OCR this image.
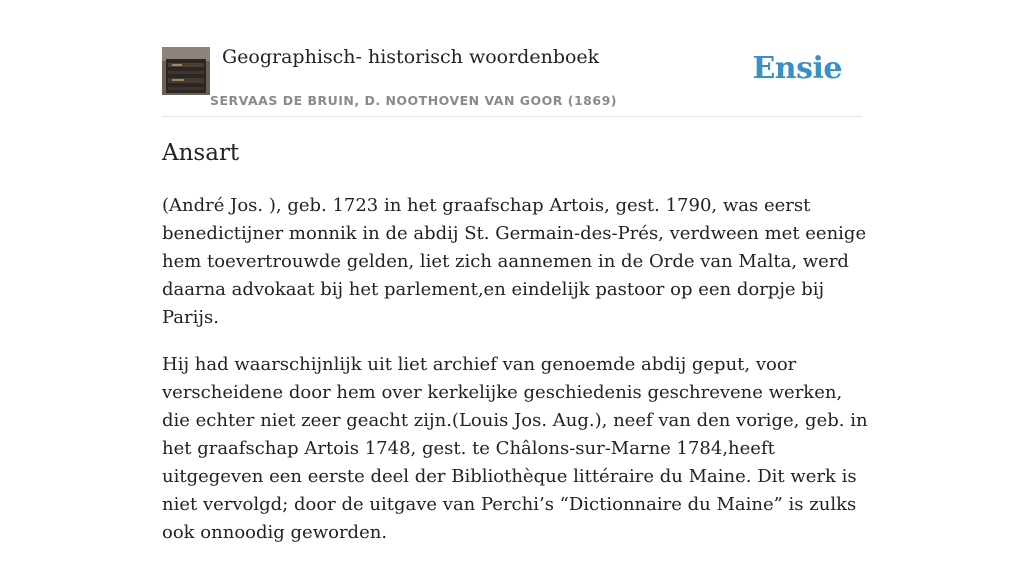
Geographisch- historisch woordenboek
SERVAAS DE BRUIN, D. NOOTHOVEN VAN GOOR (1869)
Ensie
Ansart

(André Jos. ), geb. 1723 in het graafschap Artois, gest. 1790, was eerst benedictijner monnik in de abdij St. Germain-des-Prés, verdween met eenige hem toevertrouwde gelden, liet zich aannemen in de Orde van Malta, werd daarna advokaat bij het parlement,en eindelijk pastoor op een dorpje bij Parijs.

Hij had waarschijnlijk uit liet archief van genoemde abdij geput, voor verscheidene door hem over kerkelijke geschiedenis geschrevene werken, die echter niet zeer geacht zijn.(Louis Jos. Aug.), neef van den vorige, geb. in het graafschap Artois 1748, gest. te Châlons-sur-Marne 1784,heeft uitgegeven een eerste deel der Bibliothèque littéraire du Maine. Dit werk is niet vervolgd; door de uitgave van Perchi’s “Dictionnaire du Maine” is zulks ook onnoodig geworden.
